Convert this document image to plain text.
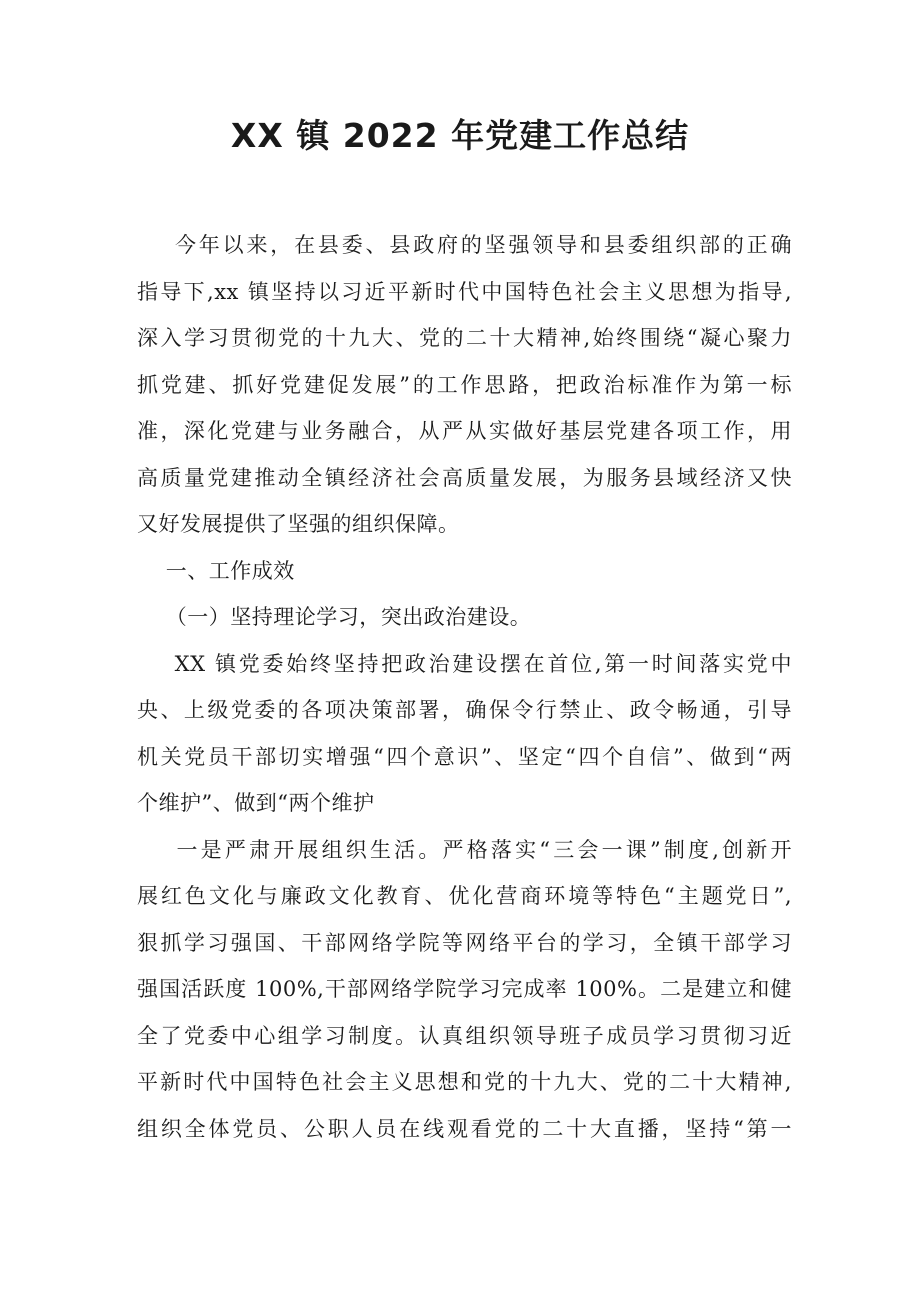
XX 镇 2022 年党建工作总结
今年以来，在县委、县政府的坚强领导和县委组织部的正确
指导下,xx 镇坚持以习近平新时代中国特色社会主义思想为指导,
深入学习贯彻党的十九大、党的二十大精神,始终围绕“凝心聚力
抓党建、抓好党建促发展”的工作思路，把政治标准作为第一标
准，深化党建与业务融合，从严从实做好基层党建各项工作，用
高质量党建推动全镇经济社会高质量发展，为服务县域经济又快
又好发展提供了坚强的组织保障。
一、工作成效
（一）坚持理论学习，突出政治建设。
XX 镇党委始终坚持把政治建设摆在首位,第一时间落实党中
央、上级党委的各项决策部署，确保令行禁止、政令畅通，引导
机关党员干部切实增强“四个意识”、坚定“四个自信”、做到“两
个维护”、做到“两个维护
一是严肃开展组织生活。严格落实“三会一课”制度,创新开
展红色文化与廉政文化教育、优化营商环境等特色“主题党日”,
狠抓学习强国、干部网络学院等网络平台的学习，全镇干部学习
强国活跃度 100%,干部网络学院学习完成率 100%。二是建立和健
全了党委中心组学习制度。认真组织领导班子成员学习贯彻习近
平新时代中国特色社会主义思想和党的十九大、党的二十大精神,
组织全体党员、公职人员在线观看党的二十大直播，坚持“第一
